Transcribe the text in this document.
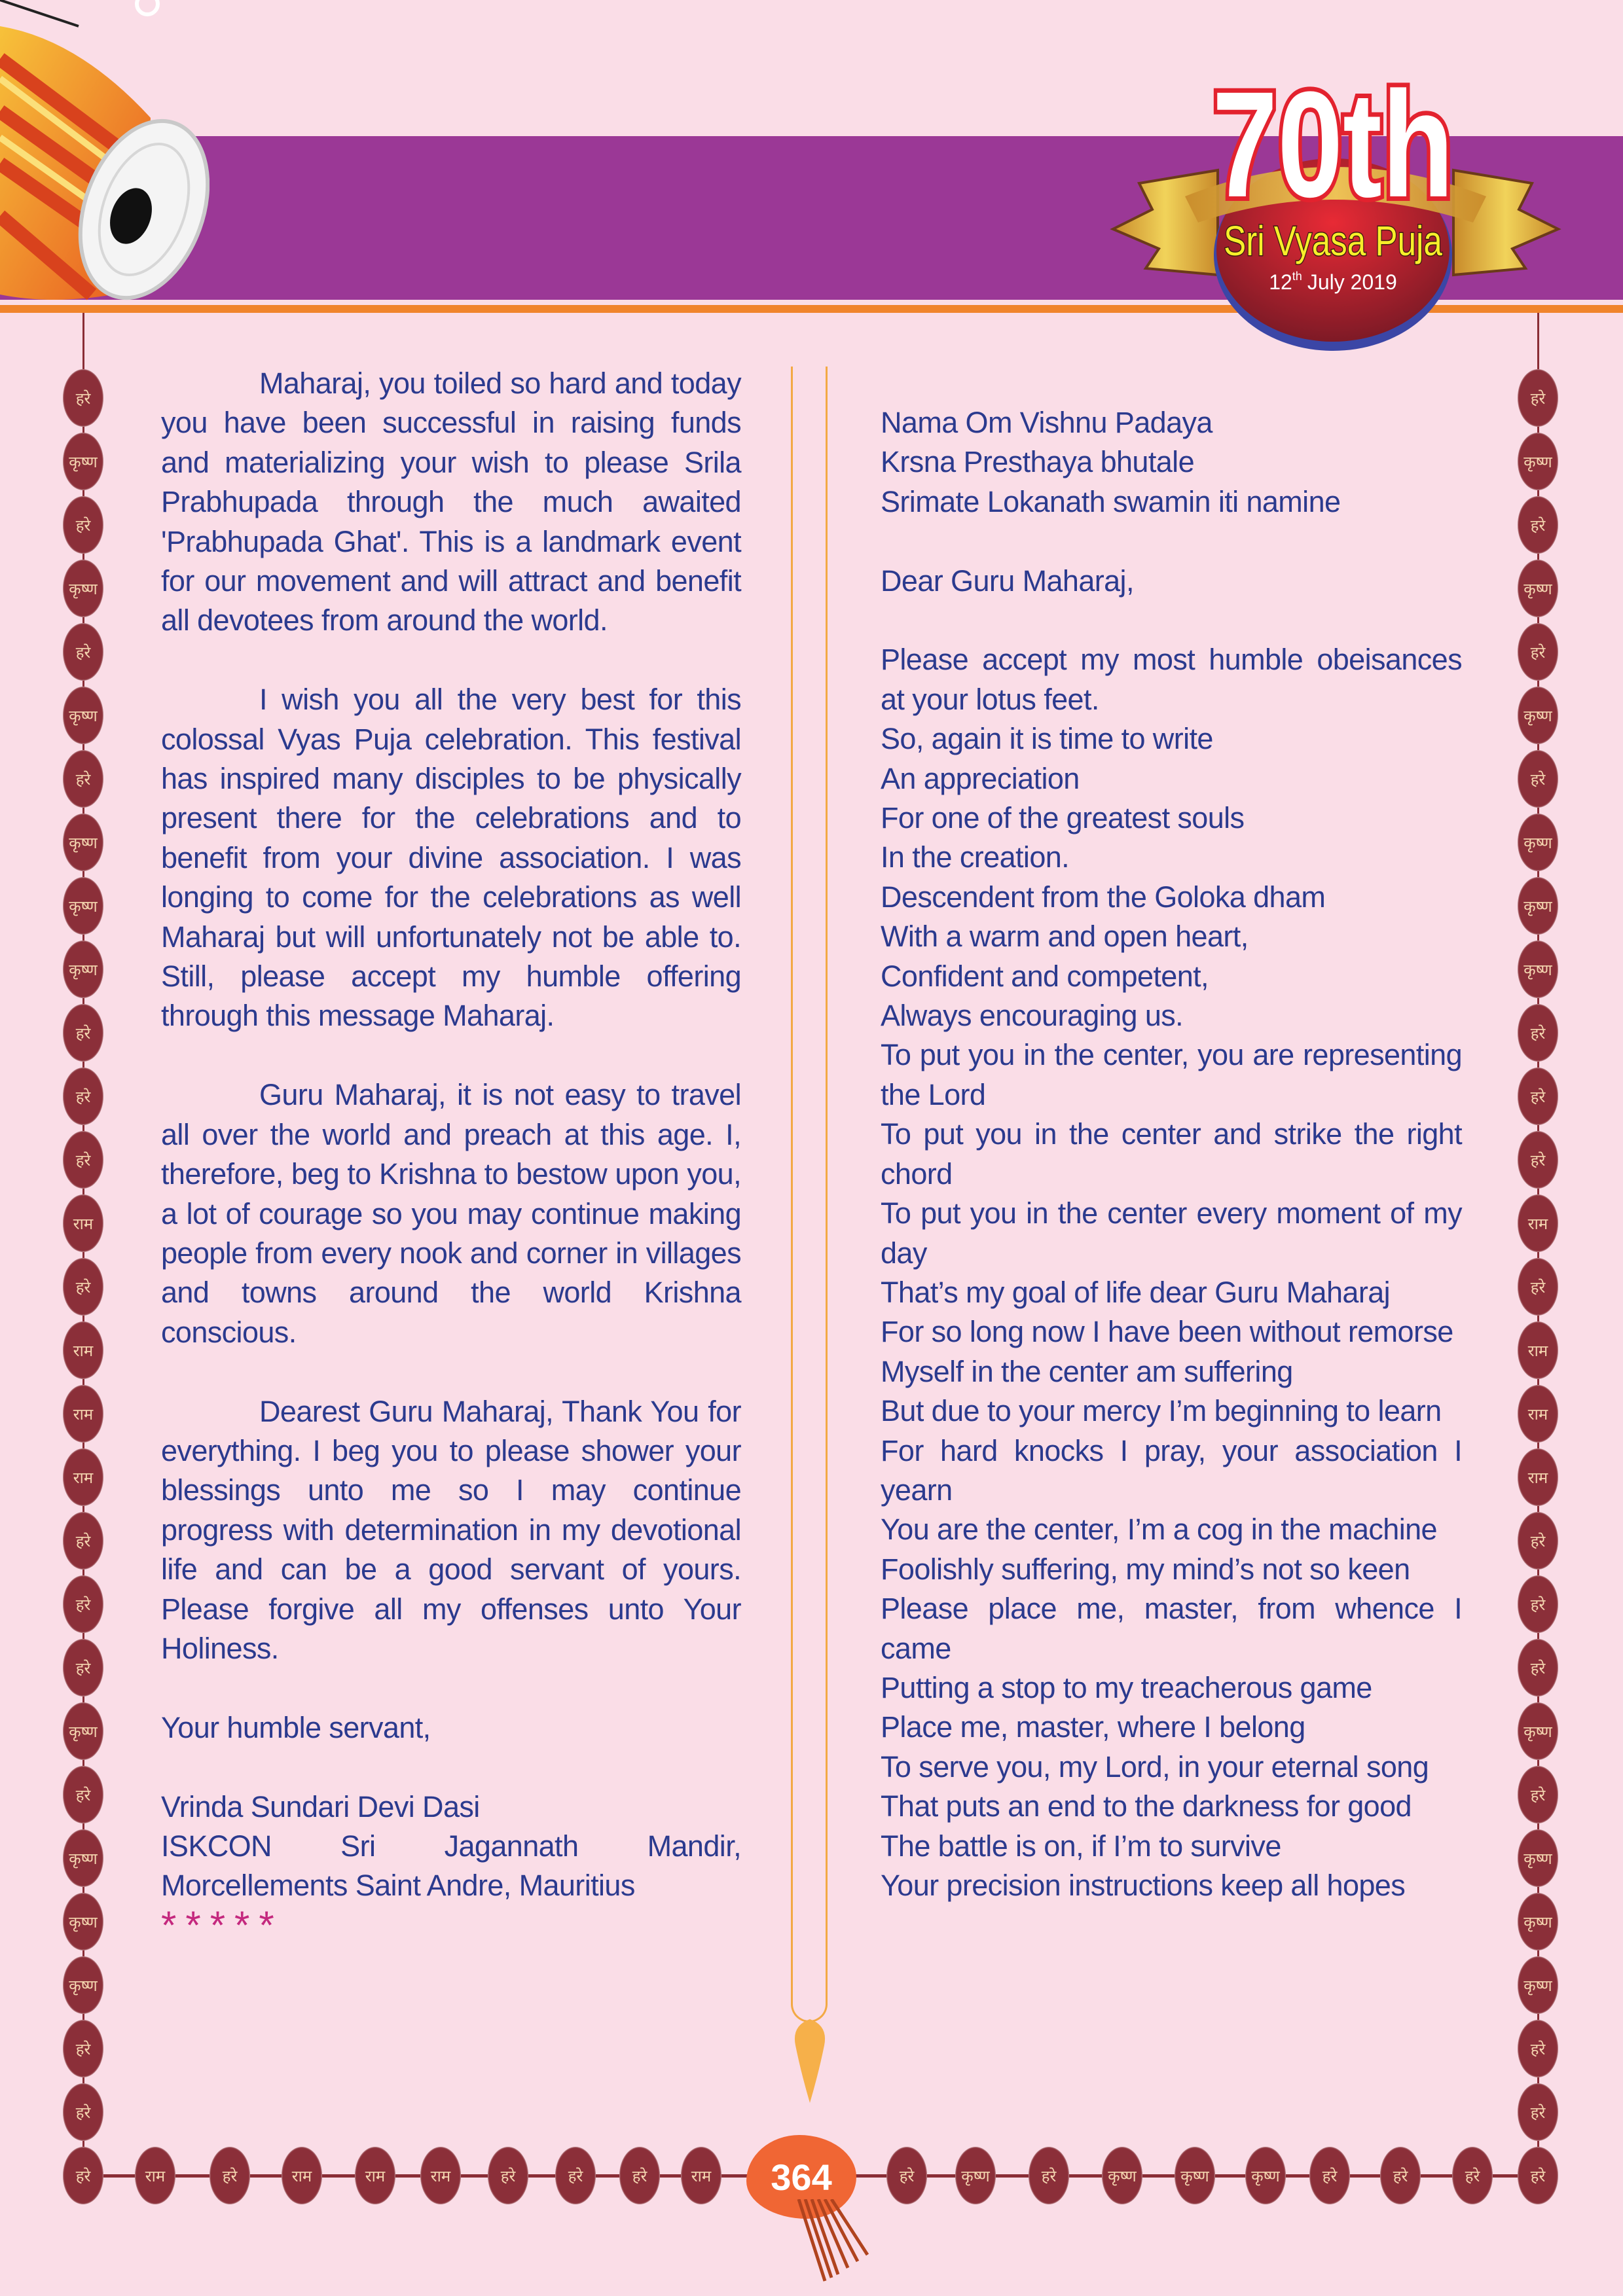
70th
Sri Vyasa Puja
12th July 2019

Maharaj, you toiled so hard and today you have been successful in raising funds and materializing your wish to please Srila Prabhupada through the much awaited 'Prabhupada Ghat'. This is a landmark event for our movement and will attract and benefit all devotees from around the world.

I wish you all the very best for this colossal Vyas Puja celebration. This festival has inspired many disciples to be physically present there for the celebrations and to benefit from your divine association. I was longing to come for the celebrations as well Maharaj but will unfortunately not be able to. Still, please accept my humble offering through this message Maharaj.

Guru Maharaj, it is not easy to travel all over the world and preach at this age. I, therefore, beg to Krishna to bestow upon you, a lot of courage so you may continue making people from every nook and corner in villages and towns around the world Krishna conscious.

Dearest Guru Maharaj, Thank You for everything. I beg you to please shower your blessings unto me so I may continue progress with determination in my devotional life and can be a good servant of yours. Please forgive all my offenses unto Your Holiness.

Your humble servant,

Vrinda Sundari Devi Dasi

ISKCON Sri Jagannath Mandir,

Morcellements Saint Andre, Mauritius

*****

Nama Om Vishnu Padaya

Krsna Presthaya bhutale

Srimate Lokanath swamin iti namine

Dear Guru Maharaj,

Please accept my most humble obeisances at your lotus feet.

So, again it is time to write

An appreciation

For one of the greatest souls

In the creation.

Descendent from the Goloka dham

With a warm and open heart,

Confident and competent,

Always encouraging us.

To put you in the center, you are representing the Lord

To put you in the center and strike the right chord

To put you in the center every moment of my day

That’s my goal of life dear Guru Maharaj

For so long now I have been without remorse

Myself in the center am suffering

But due to your mercy I’m beginning to learn

For hard knocks I pray, your association I yearn

You are the center, I’m a cog in the machine

Foolishly suffering, my mind’s not so keen

Please place me, master, from whence I came

Putting a stop to my treacherous game

Place me, master, where I belong

To serve you, my Lord, in your eternal song

That puts an end to the darkness for good

The battle is on, if I’m to survive

Your precision instructions keep all hopes

हरे
कृष्ण
हरे
कृष्ण
हरे
कृष्ण
हरे
कृष्ण
कृष्ण
कृष्ण
हरे
हरे
हरे
राम
हरे
राम
राम
राम
हरे
हरे
हरे
कृष्ण
हरे
कृष्ण
कृष्ण
कृष्ण
हरे
हरे
हरे
कृष्ण
हरे
कृष्ण
हरे
कृष्ण
हरे
कृष्ण
कृष्ण
कृष्ण
हरे
हरे
हरे
राम
हरे
राम
राम
राम
हरे
हरे
हरे
कृष्ण
हरे
कृष्ण
कृष्ण
कृष्ण
हरे
हरे
हरे	राम	हरे	राम	राम	राम	हरे	हरे	हरे	राम	हरे	कृष्ण	हरे	कृष्ण	कृष्ण	कृष्ण	हरे	हरे	हरे	हरे
364
